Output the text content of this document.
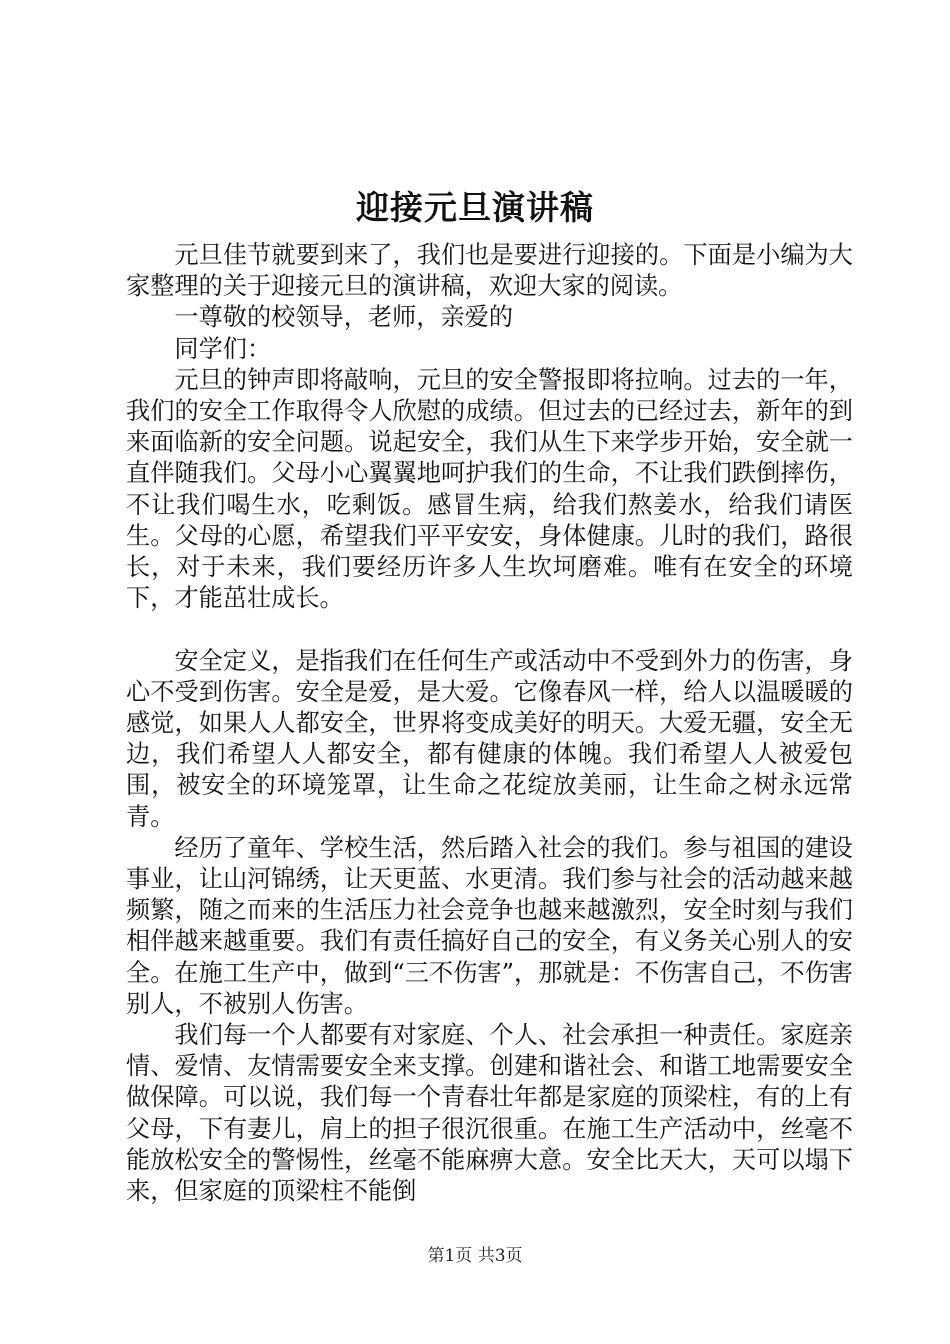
迎接元旦演讲稿

元旦佳节就要到来了，我们也是要进行迎接的。下面是小编为大家整理的关于迎接元旦的演讲稿，欢迎大家的阅读。

一尊敬的校领导，老师，亲爱的

同学们：

元旦的钟声即将敲响，元旦的安全警报即将拉响。过去的一年，我们的安全工作取得令人欣慰的成绩。但过去的已经过去，新年的到来面临新的安全问题。说起安全，我们从生下来学步开始，安全就一直伴随我们。父母小心翼翼地呵护我们的生命，不让我们跌倒摔伤，不让我们喝生水，吃剩饭。感冒生病，给我们熬姜水，给我们请医生。父母的心愿，希望我们平平安安，身体健康。儿时的我们，路很长，对于未来，我们要经历许多人生坎坷磨难。唯有在安全的环境下，才能茁壮成长。

安全定义，是指我们在任何生产或活动中不受到外力的伤害，身心不受到伤害。安全是爱，是大爱。它像春风一样，给人以温暖暖的感觉，如果人人都安全，世界将变成美好的明天。大爱无疆，安全无边，我们希望人人都安全，都有健康的体魄。我们希望人人被爱包围，被安全的环境笼罩，让生命之花绽放美丽，让生命之树永远常青。

经历了童年、学校生活，然后踏入社会的我们。参与祖国的建设事业，让山河锦绣，让天更蓝、水更清。我们参与社会的活动越来越频繁，随之而来的生活压力社会竞争也越来越激烈，安全时刻与我们相伴越来越重要。我们有责任搞好自己的安全，有义务关心别人的安全。在施工生产中，做到“三不伤害”，那就是：不伤害自己，不伤害别人，不被别人伤害。

我们每一个人都要有对家庭、个人、社会承担一种责任。家庭亲情、爱情、友情需要安全来支撑。创建和谐社会、和谐工地需要安全做保障。可以说，我们每一个青春壮年都是家庭的顶梁柱，有的上有父母，下有妻儿，肩上的担子很沉很重。在施工生产活动中，丝毫不能放松安全的警惕性，丝毫不能麻痹大意。安全比天大，天可以塌下来，但家庭的顶梁柱不能倒

第1页 共3页
